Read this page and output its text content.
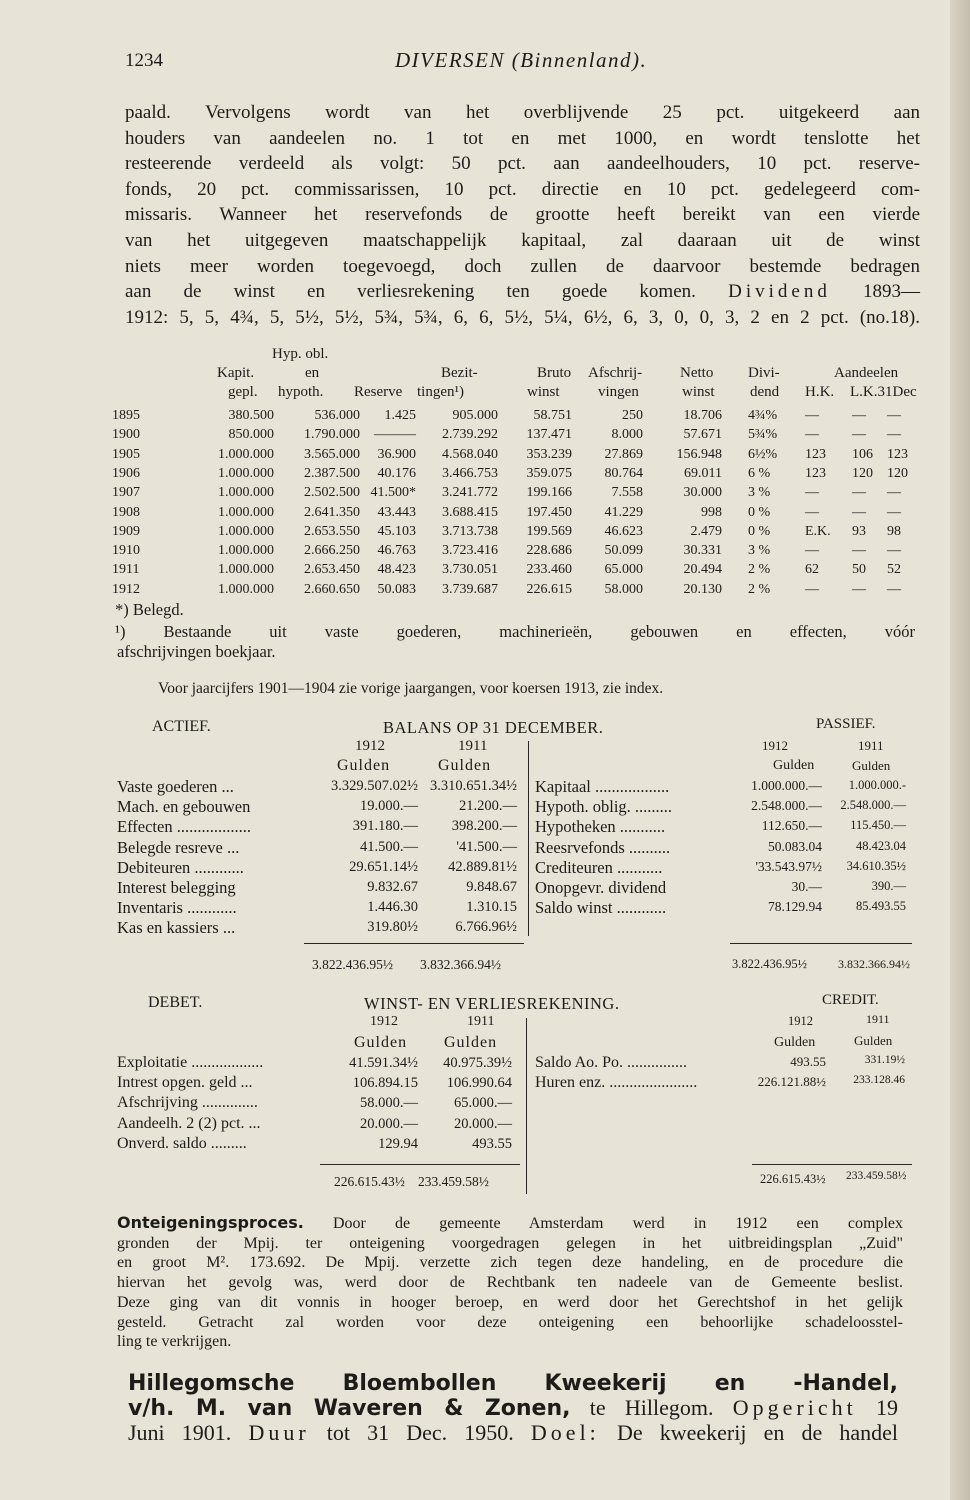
1234	DIVERSEN (Binnenland).
paald. Vervolgens wordt van het overblijvende 25 pct. uitgekeerd aan
houders van aandeelen no. 1 tot en met 1000, en wordt tenslotte het
resteerende verdeeld als volgt: 50 pct. aan aandeelhouders, 10 pct. reserve-
fonds, 20 pct. commissarissen, 10 pct. directie en 10 pct. gedelegeerd com-
missaris. Wanneer het reservefonds de grootte heeft bereikt van een vierde
van het uitgegeven maatschappelijk kapitaal, zal daaraan uit de winst
niets meer worden toegevoegd, doch zullen de daarvoor bestemde bedragen
aan de winst en verliesrekening ten goede komen. Dividend 1893—
1912: 5, 5, 4¾, 5, 5½, 5½, 5¾, 5¾, 6, 6, 5½, 5¼, 6½, 6, 3, 0, 0, 3, 2 en 2 pct. (no.18).
Hyp. obl.
Kapit.	en	Bezit-	Bruto Afschrij-	Netto Divi-	Aandeelen
gepl. hypoth. Reserve tingen¹)	winst	vingen	winst dend H.K. L.K.31Dec
1895	380.500	536.000 1.425	905.000	58.751	250	18.706 4¾% — — —
1900	850.000 1.790.000 ——— 2.739.292 137.471	8.000	57.671 5¾% — — —
1905	1.000.000 3.565.000 36.900 4.568.040 353.239 27.869 156.948 6½% 123 106 123
1906	1.000.000 2.387.500 40.176 3.466.753 359.075 80.764	69.011 6 % 123 120 120
1907	1.000.000 2.502.500 41.500* 3.241.772 199.166	7.558	30.000 3 % — — —
1908	1.000.000 2.641.350 43.443 3.688.415 197.450 41.229	998 0 % — — —
1909	1.000.000 2.653.550 45.103 3.713.738 199.569 46.623	2.479 0 % E.K. 93 98
1910	1.000.000 2.666.250 46.763 3.723.416 228.686 50.099	30.331 3 % — — —
1911	1.000.000 2.653.450 48.423 3.730.051 233.460 65.000	20.494 2 % 62 50 52
1912	1.000.000 2.660.650 50.083 3.739.687 226.615 58.000	20.130 2 % — — —
*) Belegd.
¹) Bestaande uit vaste goederen, machinerieën, gebouwen en effecten, vóór
afschrijvingen boekjaar.
Voor jaarcijfers 1901—1904 zie vorige jaargangen, voor koersen 1913, zie index.
ACTIEF.	BALANS OP 31 DECEMBER.	PASSIEF.
1912	1911	1912	1911
Gulden	Gulden	Gulden	Gulden
Vaste goederen ...	3.329.507.02½ 3.310.651.34½
Mach. en gebouwen	19.000.—	21.200.—
Effecten ..................	391.180.— 398.200.—
Belegde resreve ...	41.500.—	'41.500.—
Debiteuren ............	29.651.14½ 42.889.81½
Interest belegging	9.832.67	9.848.67
Inventaris ............	1.446.30	1.310.15
Kas en kassiers ...	319.80½	6.766.96½
Kapitaal ..................	1.000.000.— 1.000.000.-
Hypoth. oblig. .........	2.548.000.— 2.548.000.—
Hypotheken ...........	112.650.— 115.450.—
Reesrvefonds ..........	50.083.04	48.423.04
Crediteuren ...........	'33.543.97½ 34.610.35½
Onopgevr. dividend	30.—	390.—
Saldo winst ............	78.129.94	85.493.55
3.822.436.95½ 3.832.366.94½	3.822.436.95½	3.832.366.94½
DEBET.	WINST- EN VERLIESREKENING.	CREDIT.
1912	1911	1912	1911
Gulden Gulden	Gulden	Gulden
Exploitatie ..................	41.591.34½ 40.975.39½
Intrest opgen. geld ...	106.894.15 106.990.64
Afschrijving ..............	58.000.— 65.000.—
Aandeelh. 2 (2) pct. ...	20.000.— 20.000.—
Onverd. saldo .........	129.94	493.55
Saldo Ao. Po. ...............	493.55	331.19½
Huren enz. ......................	226.121.88½ 233.128.46
226.615.43½ 233.459.58½	226.615.43½ 233.459.58½
Onteigeningsproces. Door de gemeente Amsterdam werd in 1912 een complex
gronden der Mpij. ter onteigening voorgedragen gelegen in het uitbreidingsplan „Zuid"
en groot M². 173.692. De Mpij. verzette zich tegen deze handeling, en de procedure die
hiervan het gevolg was, werd door de Rechtbank ten nadeele van de Gemeente beslist.
Deze ging van dit vonnis in hooger beroep, en werd door het Gerechtshof in het gelijk
gesteld. Getracht zal worden voor deze onteigening een behoorlijke schadeloosstel-
ling te verkrijgen.
Hillegomsche Bloembollen Kweekerij en -Handel,
v/h. M. van Waveren & Zonen, te Hillegom. Opgericht 19
Juni 1901. Duur tot 31 Dec. 1950. Doel: De kweekerij en de handel
